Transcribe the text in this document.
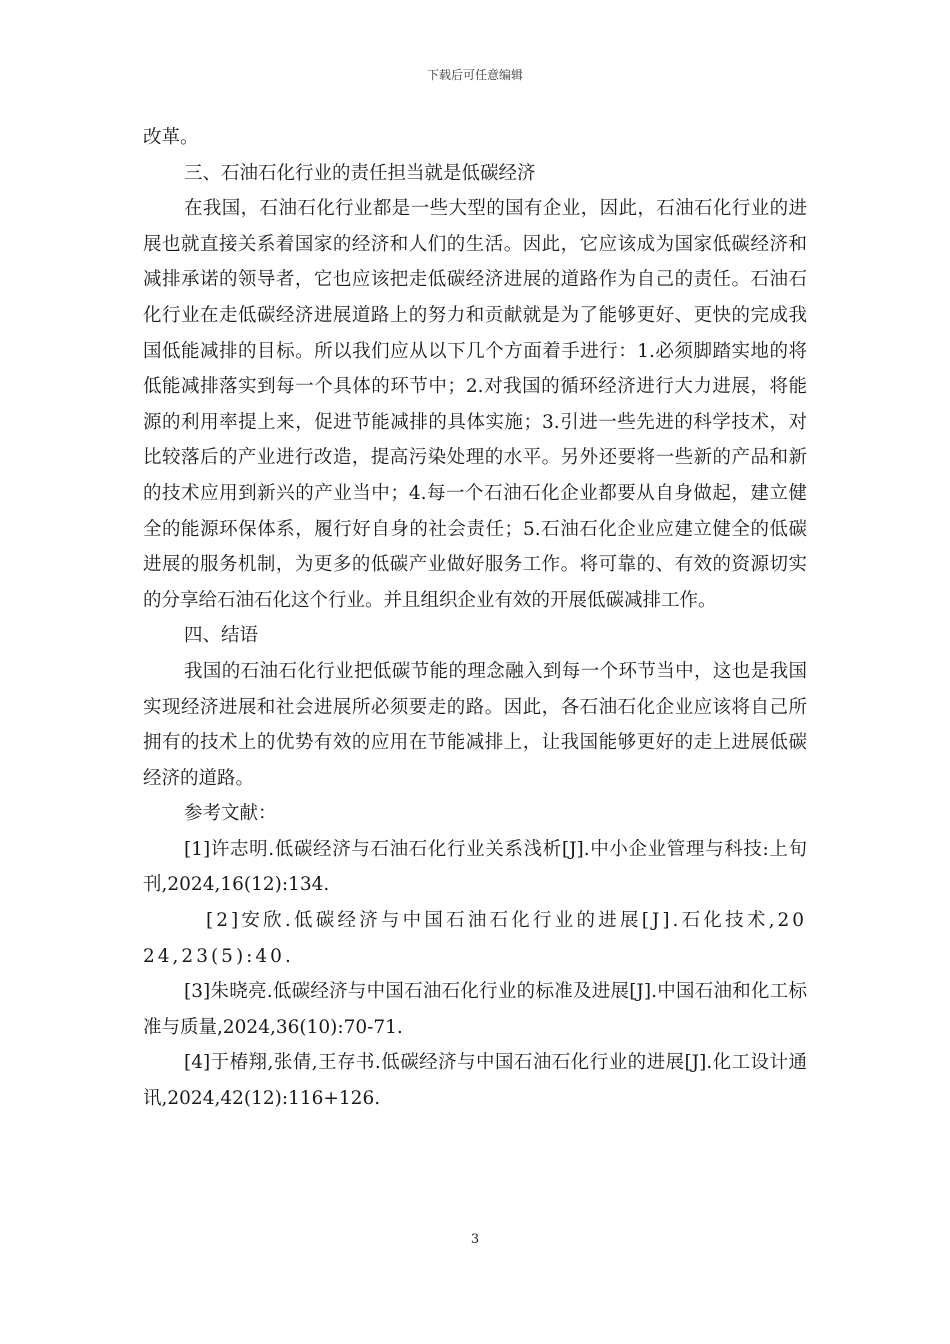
下载后可任意编辑

改革。

三、石油石化行业的责任担当就是低碳经济

在我国，石油石化行业都是一些大型的国有企业，因此，石油石化行业的进展也就直接关系着国家的经济和人们的生活。因此，它应该成为国家低碳经济和减排承诺的领导者，它也应该把走低碳经济进展的道路作为自己的责任。石油石化行业在走低碳经济进展道路上的努力和贡献就是为了能够更好、更快的完成我国低能减排的目标。所以我们应从以下几个方面着手进行：1.必须脚踏实地的将低能减排落实到每一个具体的环节中；2.对我国的循环经济进行大力进展，将能源的利用率提上来，促进节能减排的具体实施；3.引进一些先进的科学技术，对比较落后的产业进行改造，提高污染处理的水平。另外还要将一些新的产品和新的技术应用到新兴的产业当中；4.每一个石油石化企业都要从自身做起，建立健全的能源环保体系，履行好自身的社会责任；5.石油石化企业应建立健全的低碳进展的服务机制，为更多的低碳产业做好服务工作。将可靠的、有效的资源切实的分享给石油石化这个行业。并且组织企业有效的开展低碳减排工作。

四、结语

我国的石油石化行业把低碳节能的理念融入到每一个环节当中，这也是我国实现经济进展和社会进展所必须要走的路。因此，各石油石化企业应该将自己所拥有的技术上的优势有效的应用在节能减排上，让我国能够更好的走上进展低碳经济的道路。

参考文献：

[1]许志明.低碳经济与石油石化行业关系浅析[J].中小企业管理与科技:上旬刊,2024,16(12):134.

[2]安欣.低碳经济与中国石油石化行业的进展[J].石化技术,2024,23(5):40.

[3]朱晓亮.低碳经济与中国石油石化行业的标准及进展[J].中国石油和化工标准与质量,2024,36(10):70-71.

[4]于椿翔,张倩,王存书.低碳经济与中国石油石化行业的进展[J].化工设计通讯,2024,42(12):116+126.

3
